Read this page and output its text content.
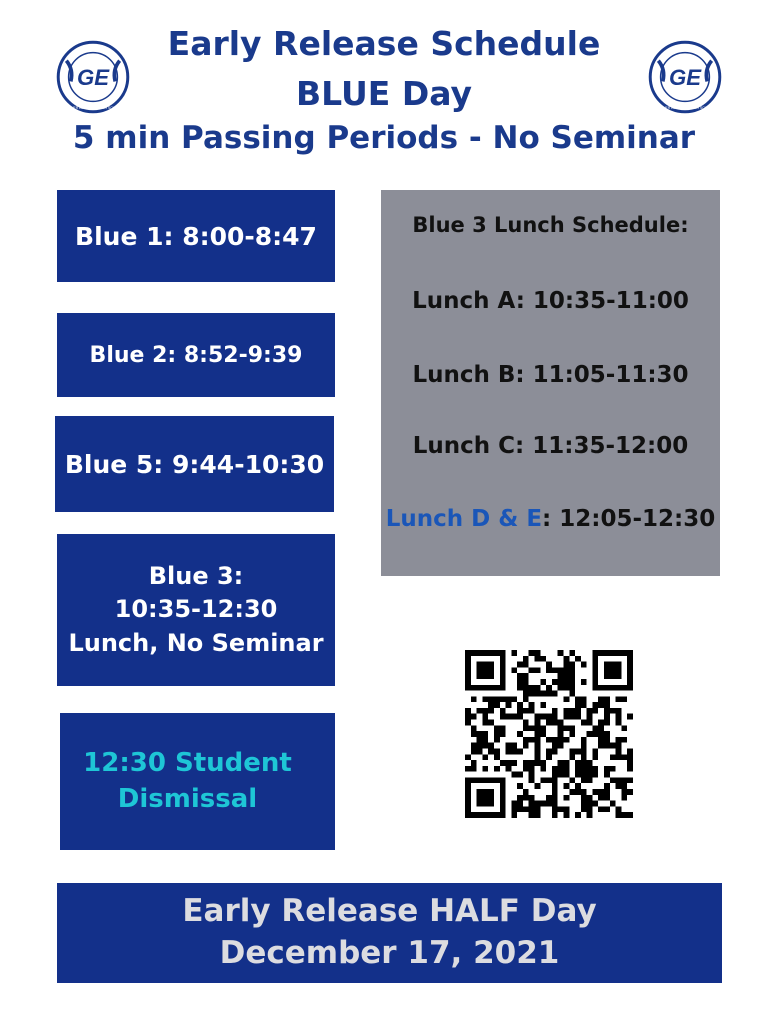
Early Release Schedule
BLUE Day
5 min Passing Periods - No Seminar
GE
BLAZERS
GARNER EDGERTON HIGH SCHOOL
GE
BLAZERS
GARNER EDGERTON HIGH SCHOOL
Blue 1: 8:00-8:47
Blue 2: 8:52-9:39
Blue 5: 9:44-10:30
Blue 3:
10:35-12:30
Lunch, No Seminar
12:30 Student
Dismissal
Blue 3 Lunch Schedule:
Lunch A: 10:35-11:00
Lunch B: 11:05-11:30
Lunch C: 11:35-12:00
Lunch D & E: 12:05-12:30
Early Release HALF Day
December 17, 2021
